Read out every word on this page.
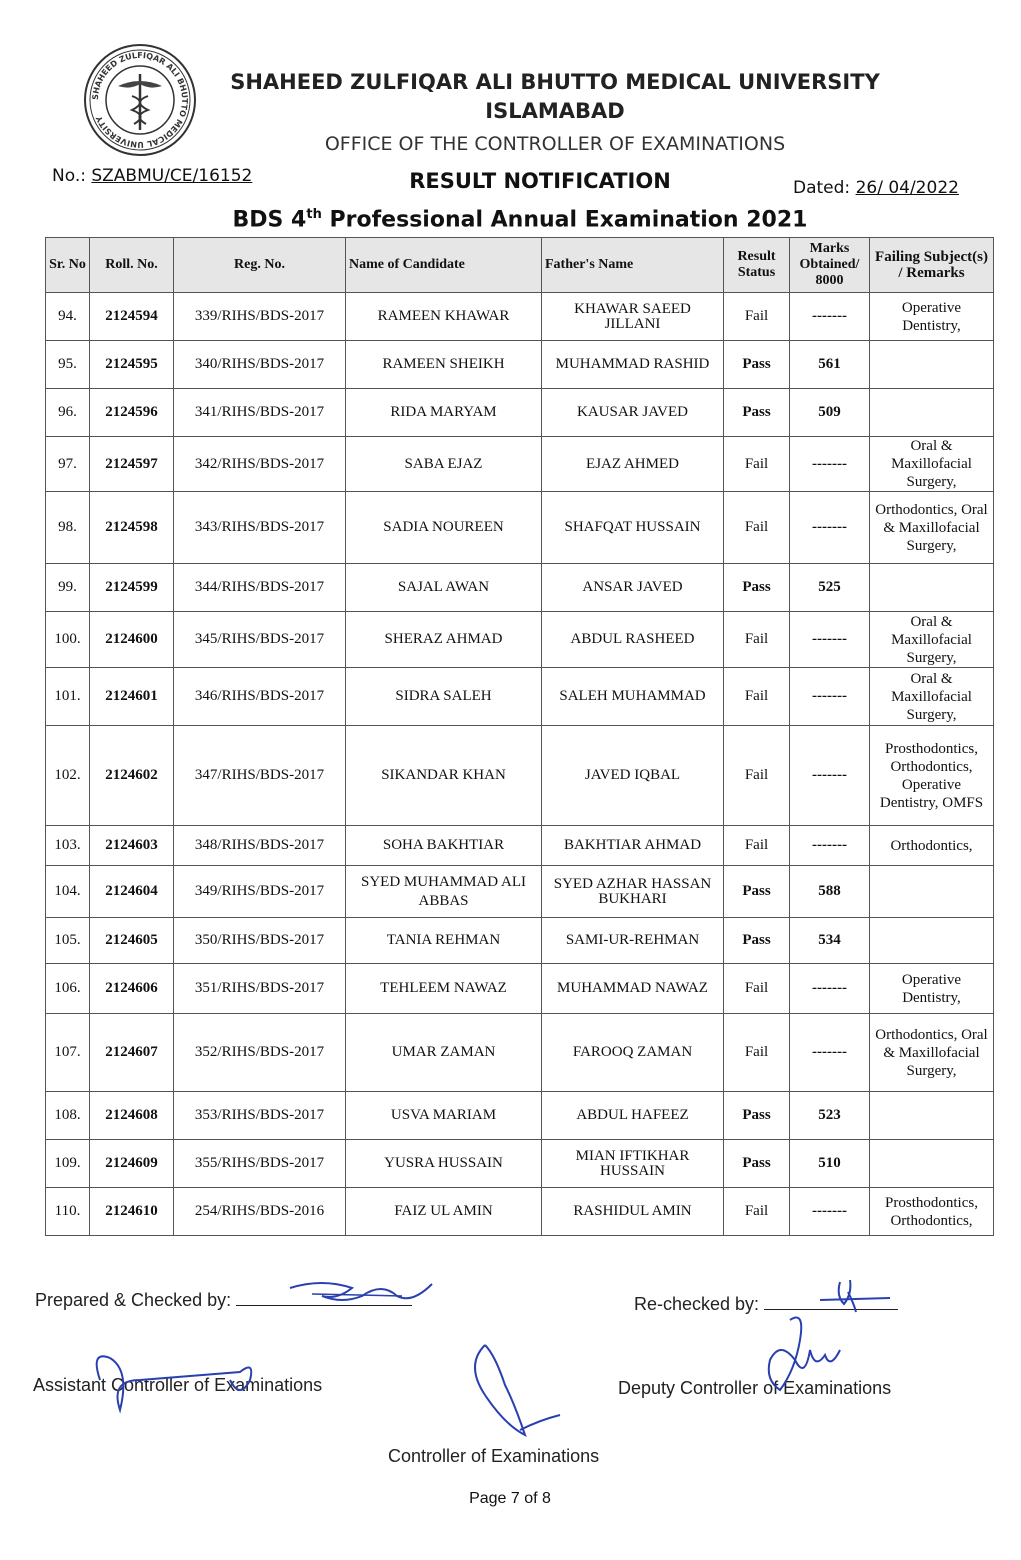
SHAHEED ZULFIQAR ALI BHUTTO MEDICAL UNIVERSITY
SHAHEED ZULFIQAR ALI BHUTTO MEDICAL UNIVERSITY
ISLAMABAD
OFFICE OF THE CONTROLLER OF EXAMINATIONS
No.: SZABMU/CE/16152	RESULT NOTIFICATION	Dated: 26/ 04/2022
BDS 4th Professional Annual Examination 2021
Sr. No	Roll. No.	Reg. No.	Name of Candidate	Father's Name	Result Status	Marks Obtained/ 8000	Failing Subject(s) / Remarks
94.	2124594	339/RIHS/BDS-2017	RAMEEN KHAWAR	KHAWAR SAEED JILLANI	Fail	-------	Operative Dentistry,
95.	2124595	340/RIHS/BDS-2017	RAMEEN SHEIKH	MUHAMMAD RASHID	Pass	561	
96.	2124596	341/RIHS/BDS-2017	RIDA MARYAM	KAUSAR JAVED	Pass	509	
97.	2124597	342/RIHS/BDS-2017	SABA EJAZ	EJAZ AHMED	Fail	-------	Oral & Maxillofacial Surgery,
98.	2124598	343/RIHS/BDS-2017	SADIA NOUREEN	SHAFQAT HUSSAIN	Fail	-------	Orthodontics, Oral & Maxillofacial Surgery,
99.	2124599	344/RIHS/BDS-2017	SAJAL AWAN	ANSAR JAVED	Pass	525	
100.	2124600	345/RIHS/BDS-2017	SHERAZ AHMAD	ABDUL RASHEED	Fail	-------	Oral & Maxillofacial Surgery,
101.	2124601	346/RIHS/BDS-2017	SIDRA SALEH	SALEH MUHAMMAD	Fail	-------	Oral & Maxillofacial Surgery,
102.	2124602	347/RIHS/BDS-2017	SIKANDAR KHAN	JAVED IQBAL	Fail	-------	Prosthodontics, Orthodontics, Operative Dentistry, OMFS
103.	2124603	348/RIHS/BDS-2017	SOHA BAKHTIAR	BAKHTIAR AHMAD	Fail	-------	Orthodontics,
104.	2124604	349/RIHS/BDS-2017	SYED MUHAMMAD ALI ABBAS	SYED AZHAR HASSAN BUKHARI	Pass	588	
105.	2124605	350/RIHS/BDS-2017	TANIA REHMAN	SAMI-UR-REHMAN	Pass	534	
106.	2124606	351/RIHS/BDS-2017	TEHLEEM NAWAZ	MUHAMMAD NAWAZ	Fail	-------	Operative Dentistry,
107.	2124607	352/RIHS/BDS-2017	UMAR ZAMAN	FAROOQ ZAMAN	Fail	-------	Orthodontics, Oral & Maxillofacial Surgery,
108.	2124608	353/RIHS/BDS-2017	USVA MARIAM	ABDUL HAFEEZ	Pass	523	
109.	2124609	355/RIHS/BDS-2017	YUSRA HUSSAIN	MIAN IFTIKHAR HUSSAIN	Pass	510	
110.	2124610	254/RIHS/BDS-2016	FAIZ UL AMIN	RASHIDUL AMIN	Fail	-------	Prosthodontics, Orthodontics,
Prepared & Checked by:	Re-checked by:
Assistant Controller of Examinations	Deputy Controller of Examinations
Controller of Examinations
Page 7 of 8
